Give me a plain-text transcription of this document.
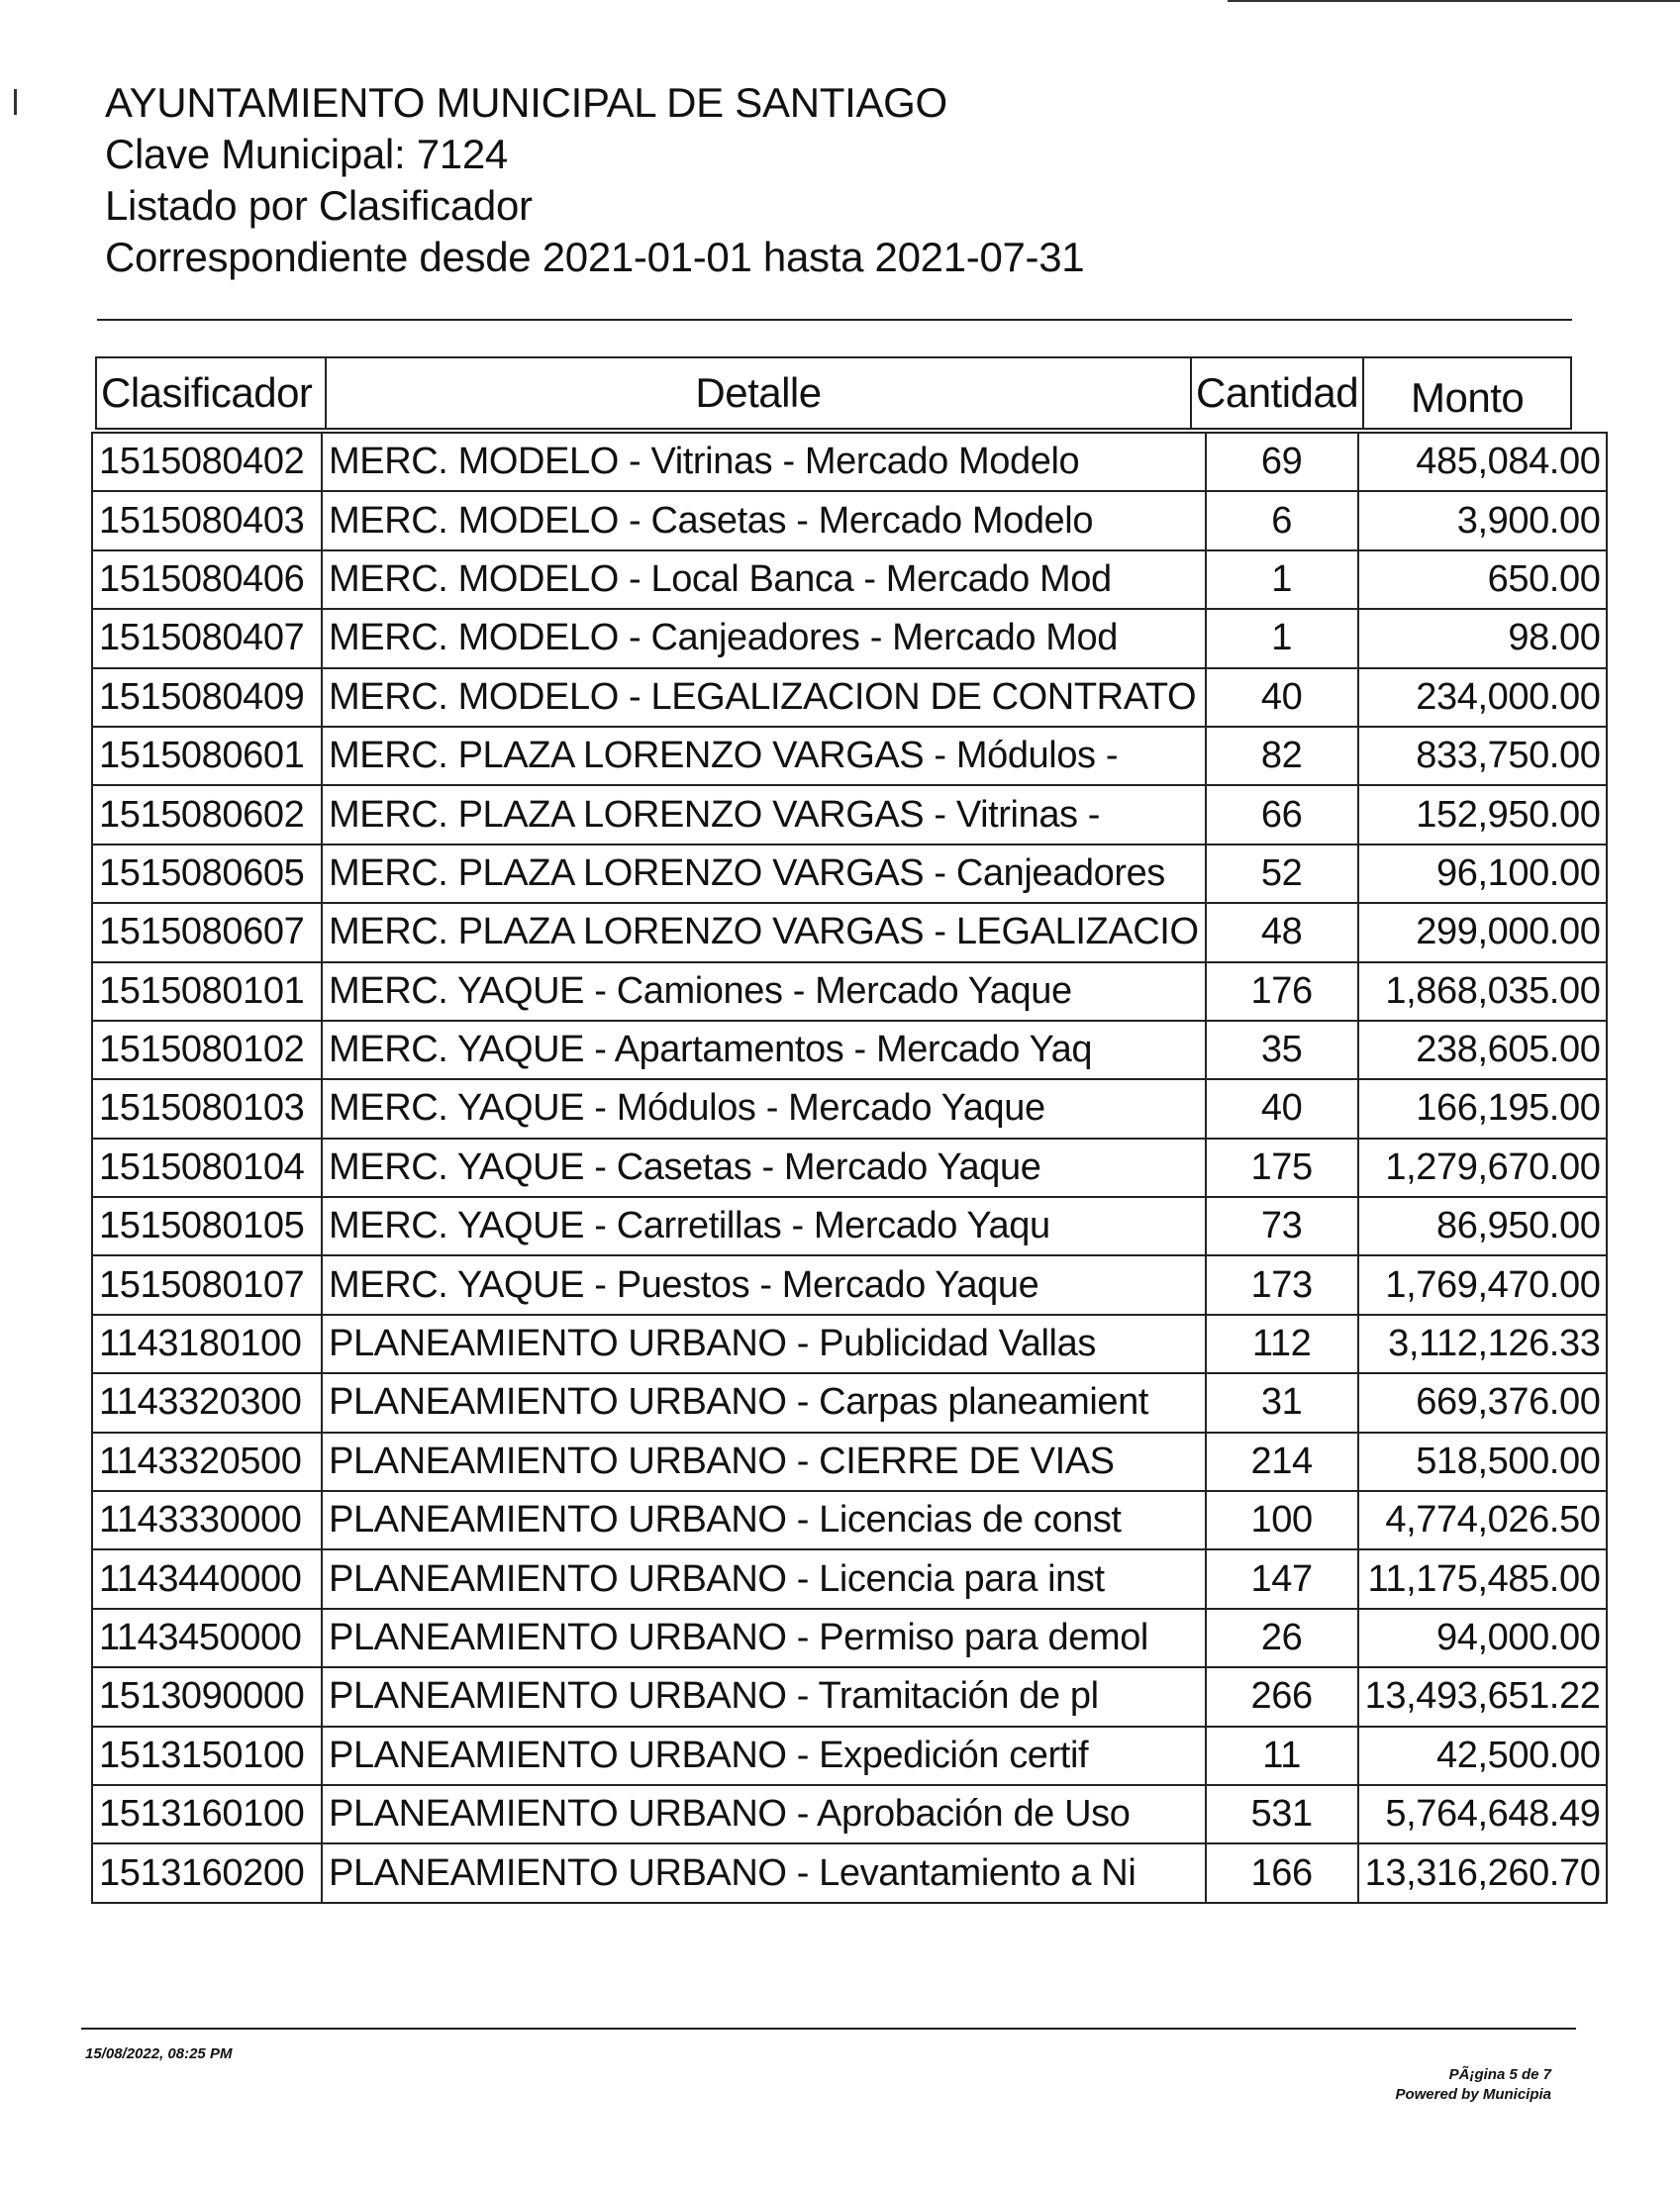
AYUNTAMIENTO MUNICIPAL DE SANTIAGO
Clave Municipal: 7124
Listado por Clasificador
Correspondiente desde 2021-01-01 hasta 2021-07-31
Clasificador	Detalle	Cantidad	Monto
1515080402	MERC. MODELO - Vitrinas - Mercado Modelo	69	485,084.00
1515080403	MERC. MODELO - Casetas - Mercado Modelo	6	3,900.00
1515080406	MERC. MODELO - Local Banca - Mercado Mod	1	650.00
1515080407	MERC. MODELO - Canjeadores - Mercado Mod	1	98.00
1515080409	MERC. MODELO - LEGALIZACION DE CONTRATO	40	234,000.00
1515080601	MERC. PLAZA LORENZO VARGAS - Módulos -	82	833,750.00
1515080602	MERC. PLAZA LORENZO VARGAS - Vitrinas -	66	152,950.00
1515080605	MERC. PLAZA LORENZO VARGAS - Canjeadores	52	96,100.00
1515080607	MERC. PLAZA LORENZO VARGAS - LEGALIZACIO	48	299,000.00
1515080101	MERC. YAQUE - Camiones - Mercado Yaque	176	1,868,035.00
1515080102	MERC. YAQUE - Apartamentos - Mercado Yaq	35	238,605.00
1515080103	MERC. YAQUE - Módulos - Mercado Yaque	40	166,195.00
1515080104	MERC. YAQUE - Casetas - Mercado Yaque	175	1,279,670.00
1515080105	MERC. YAQUE - Carretillas - Mercado Yaqu	73	86,950.00
1515080107	MERC. YAQUE - Puestos - Mercado Yaque	173	1,769,470.00
1143180100	PLANEAMIENTO URBANO - Publicidad Vallas	112	3,112,126.33
1143320300	PLANEAMIENTO URBANO - Carpas planeamient	31	669,376.00
1143320500	PLANEAMIENTO URBANO - CIERRE DE VIAS	214	518,500.00
1143330000	PLANEAMIENTO URBANO - Licencias de const	100	4,774,026.50
1143440000	PLANEAMIENTO URBANO - Licencia para inst	147	11,175,485.00
1143450000	PLANEAMIENTO URBANO - Permiso para demol	26	94,000.00
1513090000	PLANEAMIENTO URBANO - Tramitación de pl	266	13,493,651.22
1513150100	PLANEAMIENTO URBANO - Expedición certif	11	42,500.00
1513160100	PLANEAMIENTO URBANO - Aprobación de Uso	531	5,764,648.49
1513160200	PLANEAMIENTO URBANO - Levantamiento a Ni	166	13,316,260.70
15/08/2022, 08:25 PM
PÃ¡gina 5 de 7
Powered by Municipia
